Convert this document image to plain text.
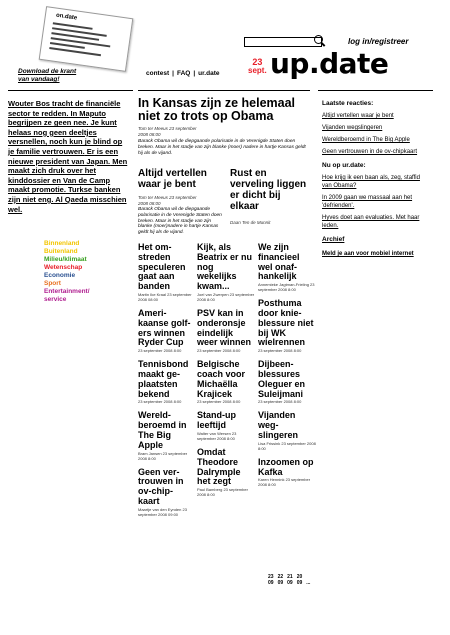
on.date
Download de krant van vandaag!
log in/registreer
contest | FAQ | ur.date
23
sept. up.date
Wouter Bos tracht de financiële sector te redden. In Maputo begrijpen ze geen nee. Je kunt helaas nog geen deeltjes versnellen, noch kun je blind op je familie vertrouwen. Er is een nieuwe president van Japan. Men maakt zich druk over het kinddossier en Van de Camp maakt promotie. Turkse banken zijn niet eng. Al Qaeda misschien wel.
Binnenland
Buitenland
Milieu/klimaat
Wetenschap
Economie
Sport
Entertainment/
service
In Kansas zijn ze helemaal niet zo trots op Obama
Tom ter Meeus 23 september 2008 08:00
Barack Obama wil de diepgaande polarisatie in de Verenigde Staten doen breken. Maar in het stadje van zijn blanke (moer) nadere in hartje Kansas geldt hij als de vijand.
Altijd vertellen waar je bent
Tom ter Meeus 23 september 2008 08:00
Barack Obama wil de diepgaande polarisatie in de Verenigde Staten doen breken. Maar in het stadje van zijn blanke (moer)nadere in hartje Kansas geldt hij als de vijand.
Rust en verveling liggen er dicht bij elkaar
Daan Ten de Munnit
Het om-streden speculeren gaat aan banden
Martin Ike Kraal 23 september 2008 08:00
Ameri-kaanse golf-ers winnen Ryder Cup
23 september 2008 8:00
Tennisbond maakt ge-plaatsten bekend
23 september 2008 8:00
Wereld-beroemd in The Big Apple
Bram Jansen 23 september 2008 8:00
Geen ver-trouwen in ov-chip-kaart
Maartje van den Eynden 23 september 2008 09:00
Kijk, als Beatrix er nu nog wekelijks kwam...
Joel van Zwerpen 23 september 2008 8:00
PSV kan in onderonsje eindelijk weer winnen
23 september 2008 8:00
Belgische coach voor Michaëlla Krajicek
23 september 2008 8:00
Stand-up leeftijd
Walter van Wersen 23 september 2008 8:00
Omdat Theodore Dalrymple het zegt
Paul Bamberg 23 september 2008 8:00
We zijn financieel wel onaf-hankelijk
Annemieke Jagtman-Frieling 23 september 2008 8:00
Posthuma door knie-blessure niet bij WK wielrennen
23 september 2008 8:00
Dijbeen-blessures Oleguer en Suleijmani
23 september 2008 8:00
Vijanden weg-slingeren
Lisa Frissink 23 september 2008 8:00
Inzoomen op Kafka
Karen Hennink 23 september 2008 8:00
23
09
22
09
21
09
20
09 ...
Laatste reacties:
Altijd vertellen waar je bent
Vijanden wegslingeren
Wereldberoemd in The Big Apple
Geen vertrouwen in de ov-chipkaart
Nu op ur.date:
Hoe krijg ik een baan als, zeg, staffid van Obama?
In 2009 gaan we massaal aan het 'defrienden'.
Hyves doet aan evaluaties. Met haar leden.
Archief
Meld je aan voor mobiel internet
